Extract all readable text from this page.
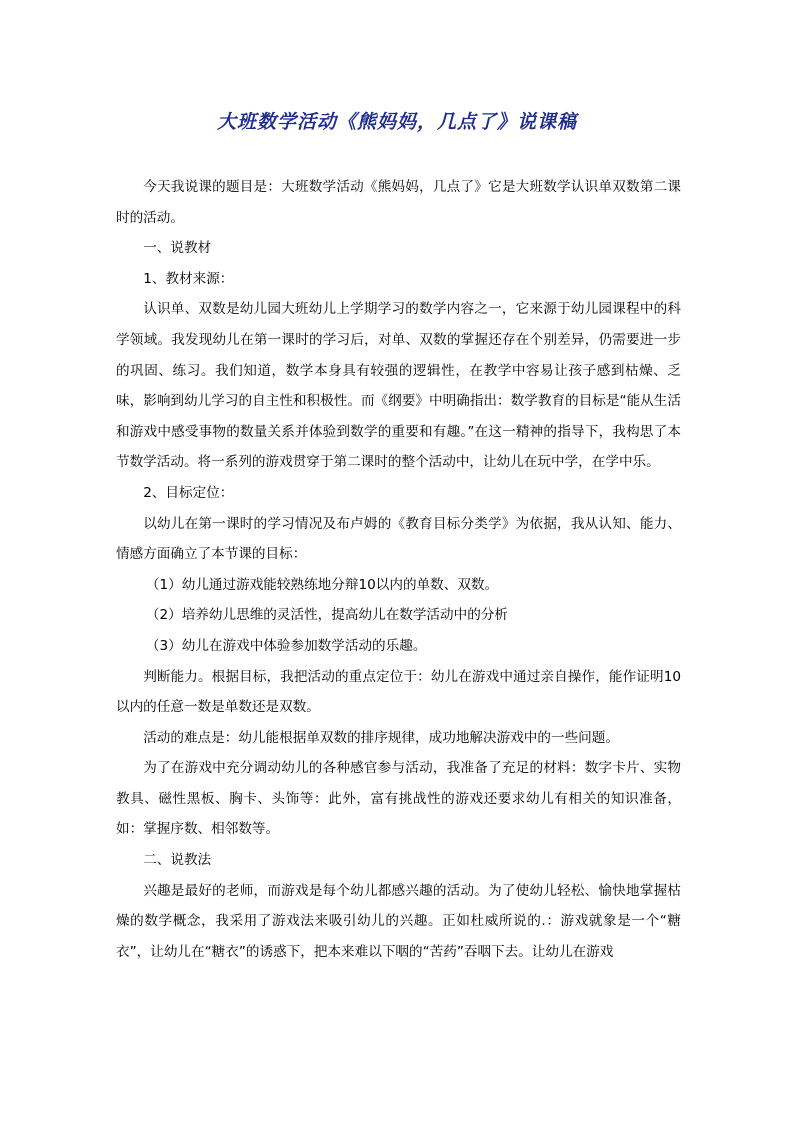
大班数学活动《熊妈妈，几点了》说课稿

今天我说课的题目是：大班数学活动《熊妈妈，几点了》它是大班数学认识单双数第二课时的活动。

一、说教材

1、教材来源：

认识单、双数是幼儿园大班幼儿上学期学习的数学内容之一，它来源于幼儿园课程中的科学领域。我发现幼儿在第一课时的学习后，对单、双数的掌握还存在个别差异，仍需要进一步的巩固、练习。我们知道，数学本身具有较强的逻辑性，在教学中容易让孩子感到枯燥、乏味，影响到幼儿学习的自主性和积极性。而《纲要》中明确指出：数学教育的目标是“能从生活和游戏中感受事物的数量关系并体验到数学的重要和有趣。”在这一精神的指导下，我构思了本节数学活动。将一系列的游戏贯穿于第二课时的整个活动中，让幼儿在玩中学，在学中乐。

2、目标定位：

以幼儿在第一课时的学习情况及布卢姆的《教育目标分类学》为依据，我从认知、能力、情感方面确立了本节课的目标：

（1）幼儿通过游戏能较熟练地分辩10以内的单数、双数。

（2）培养幼儿思维的灵活性，提高幼儿在数学活动中的分析

（3）幼儿在游戏中体验参加数学活动的乐趣。

判断能力。根据目标，我把活动的重点定位于：幼儿在游戏中通过亲自操作，能作证明10以内的任意一数是单数还是双数。

活动的难点是：幼儿能根据单双数的排序规律，成功地解决游戏中的一些问题。

为了在游戏中充分调动幼儿的各种感官参与活动，我准备了充足的材料：数字卡片、实物教具、磁性黑板、胸卡、头饰等：此外，富有挑战性的游戏还要求幼儿有相关的知识准备，如：掌握序数、相邻数等。

二、说教法

兴趣是最好的老师，而游戏是每个幼儿都感兴趣的活动。为了使幼儿轻松、愉快地掌握枯燥的数学概念，我采用了游戏法来吸引幼儿的兴趣。正如杜威所说的.：游戏就象是一个“糖衣”，让幼儿在“糖衣”的诱惑下，把本来难以下咽的“苦药”吞咽下去。让幼儿在游戏
